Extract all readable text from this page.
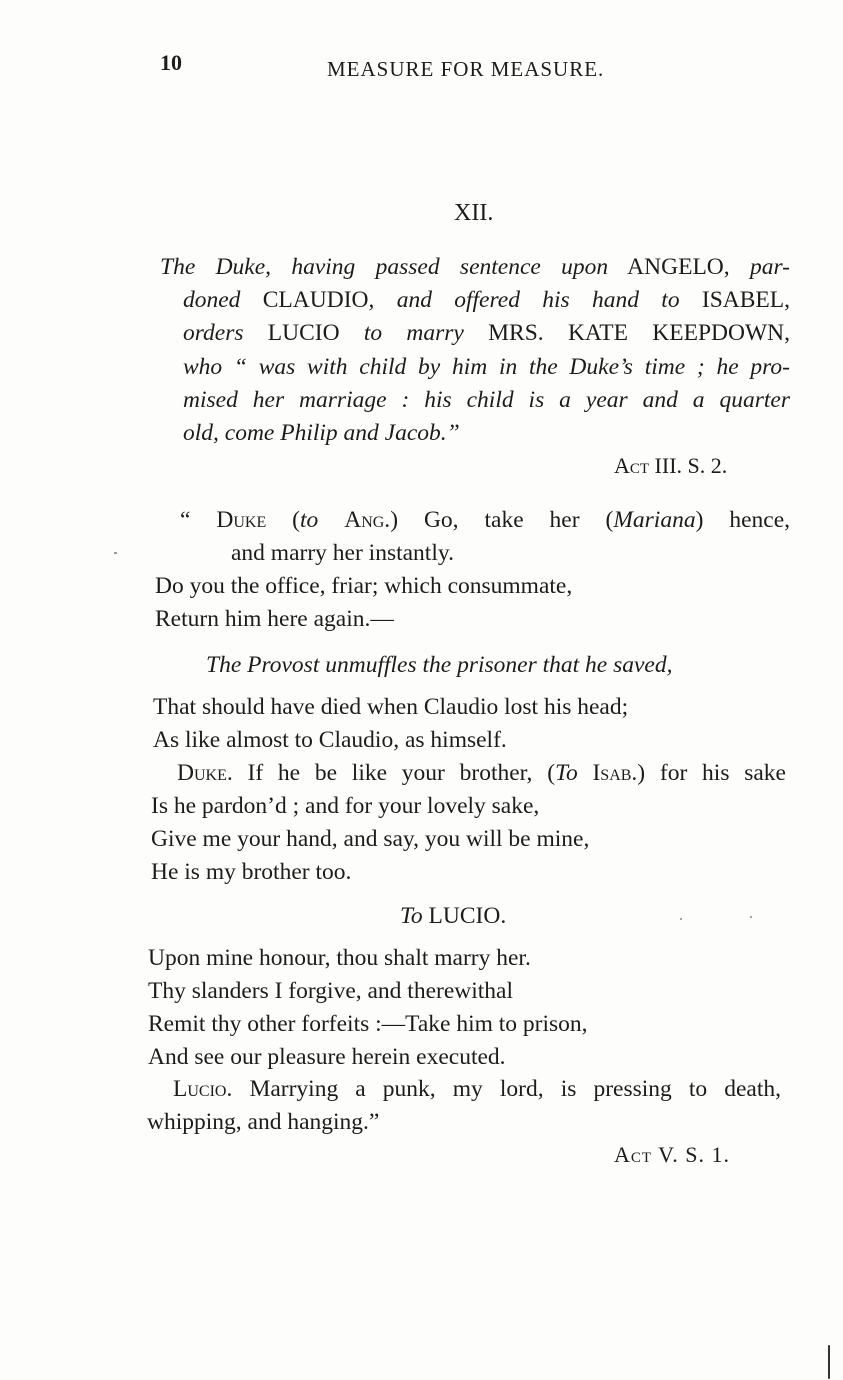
10	MEASURE FOR MEASURE.
XII.
The Duke, having passed sentence upon ANGELO, par-
doned CLAUDIO, and offered his hand to ISABEL,
orders LUCIO to marry MRS. KATE KEEPDOWN,
who “ was with child by him in the Duke’s time ; he pro-
mised her marriage : his child is a year and a quarter
old, come Philip and Jacob.”
Act III. S. 2.
“ Duke (to Ang.) Go, take her (Mariana) hence,
and marry her instantly.
Do you the office, friar; which consummate,
Return him here again.—
The Provost unmuffles the prisoner that he saved,
That should have died when Claudio lost his head;
As like almost to Claudio, as himself.
Duke. If he be like your brother, (To Isab.) for his sake
Is he pardon’d ; and for your lovely sake,
Give me your hand, and say, you will be mine,
He is my brother too.
To LUCIO.
Upon mine honour, thou shalt marry her.
Thy slanders I forgive, and therewithal
Remit thy other forfeits :—Take him to prison,
And see our pleasure herein executed.
Lucio. Marrying a punk, my lord, is pressing to death,
whipping, and hanging.”
Act V. S. 1.
